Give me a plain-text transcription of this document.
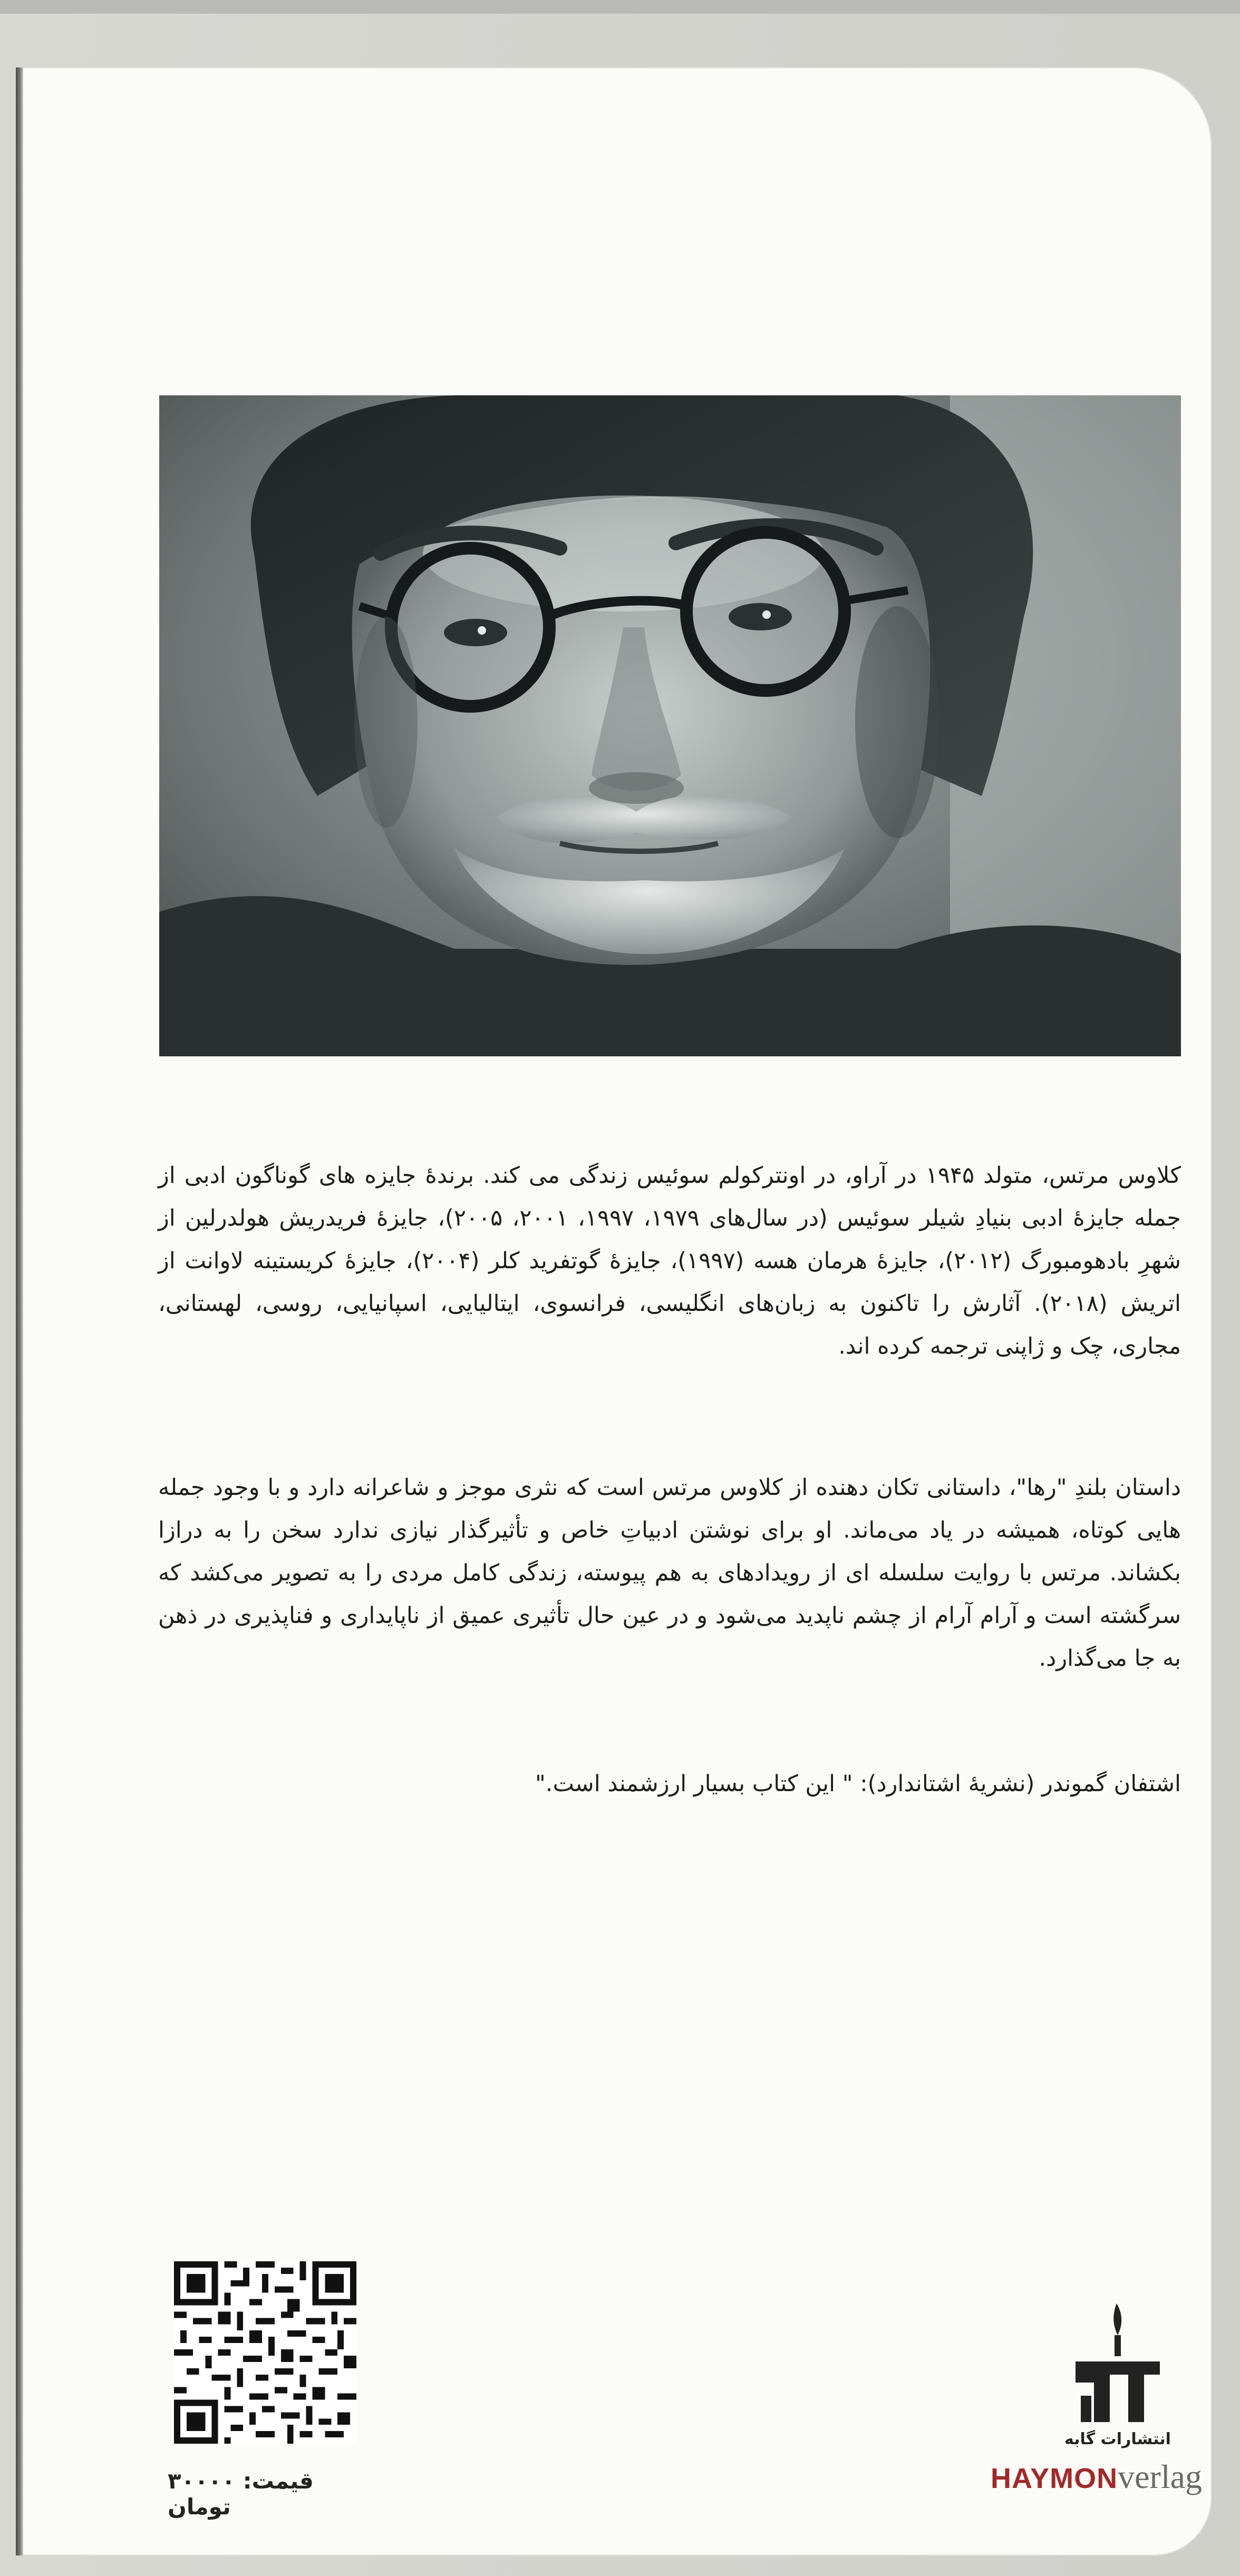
کلاوس مرتس، متولد ۱۹۴۵ در آراو، در اونترکولم سوئیس زندگی می کند. برندهٔ جایزه های گوناگون ادبی از جمله جایزهٔ ادبی بنیادِ شیلر سوئیس (در سال‌های ۱۹۷۹، ۱۹۹۷، ۲۰۰۱، ۲۰۰۵)، جایزهٔ فریدریش هولدرلین از شهرِ بادهومبورگ (۲۰۱۲)، جایزهٔ هرمان هسه (۱۹۹۷)، جایزهٔ گوتفرید کلر (۲۰۰۴)، جایزهٔ کریستینه لاوانت از اتریش (۲۰۱۸). آثارش را تاکنون به زبان‌های انگلیسی، فرانسوی، ایتالیایی، اسپانیایی، روسی، لهستانی، مجاری، چک و ژاپنی ترجمه کرده اند.

داستان بلندِ "رها"، داستانی تکان دهنده از کلاوس مرتس است که نثری موجز و شاعرانه دارد و با وجود جمله هایی کوتاه، همیشه در یاد می‌ماند. او برای نوشتن ادبیاتِ خاص و تأثیرگذار نیازی ندارد سخن را به درازا بکشاند. مرتس با روایت سلسله ای از رویدادهای به هم پیوسته، زندگی کامل مردی را به تصویر می‌کشد که سرگشته است و آرام آرام از چشم ناپدید می‌شود و در عین حال تأثیری عمیق از ناپایداری و فناپذیری در ذهن به جا می‌گذارد.

اشتفان گموندر (نشریهٔ اشتاندارد): " این کتاب بسیار ارزشمند است."

قیمت: ۳۰۰۰۰ تومان
انتشارات گابه
HAYMONverlag
